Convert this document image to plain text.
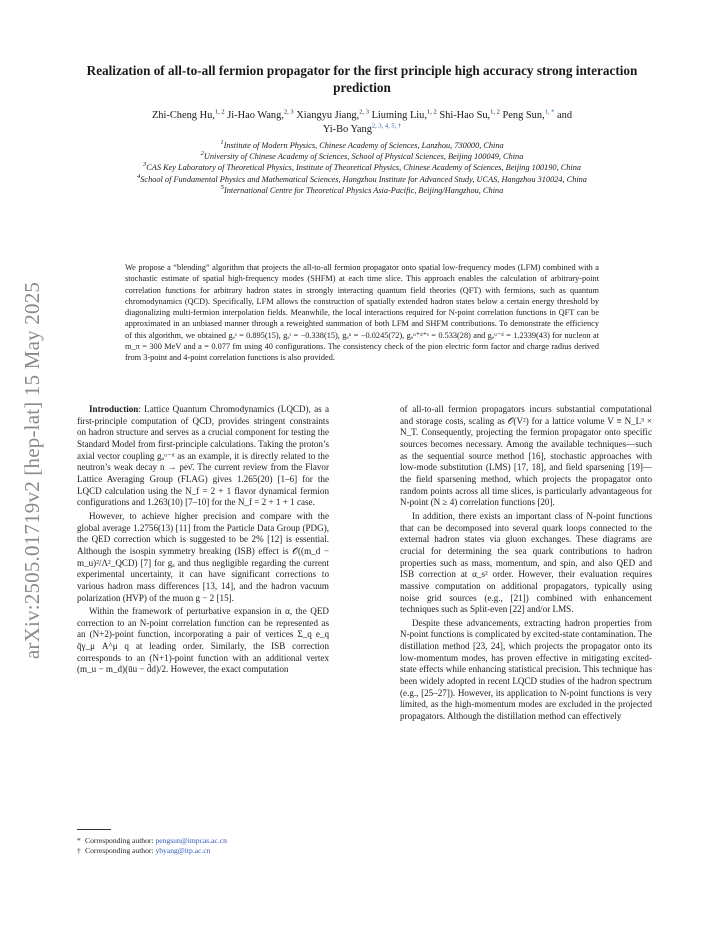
arXiv:2505.01719v2 [hep-lat] 15 May 2025
Realization of all-to-all fermion propagator for the first principle high accuracy strong interaction prediction
Zhi-Cheng Hu,$^{1, 2}$ Ji-Hao Wang,$^{2, 3}$ Xiangyu Jiang,$^{2, 3}$ Liuming Liu,$^{1, 2}$ Shi-Hao Su,$^{1, 2}$ Peng Sun,$^{1, *}$ and Yi-Bo Yang$^{2, 3, 4, 5, \dagger}$
$^1$Institute of Modern Physics, Chinese Academy of Sciences, Lanzhou, 730000, China
$^2$University of Chinese Academy of Sciences, School of Physical Sciences, Beijing 100049, China
$^3$CAS Key Laboratory of Theoretical Physics, Institute of Theoretical Physics, Chinese Academy of Sciences, Beijing 100190, China
$^4$School of Fundamental Physics and Mathematical Sciences, Hangzhou Institute for Advanced Study, UCAS, Hangzhou 310024, China
$^5$International Centre for Theoretical Physics Asia-Pacific, Beijing/Hangzhou, China
We propose a “blending” algorithm that projects the all-to-all fermion propagator onto spatial low-frequency modes (LFM) combined with a stochastic estimate of spatial high-frequency modes (SHFM) at each time slice. This approach enables the calculation of arbitrary-point correlation functions for arbitrary hadron states in strongly interacting quantum field theories (QFT) with fermions, such as quantum chromodynamics (QCD). Specifically, LFM allows the construction of spatially extended hadron states below a certain energy threshold by diagonalizing multi-fermion interpolation fields. Meanwhile, the local interactions required for N-point correlation functions in QFT can be approximated in an unbiased manner through a reweighted summation of both LFM and SHFM contributions. To demonstrate the efficiency of this algorithm, we obtained gₐˢ = 0.895(15), gₐᵗ = −0.338(15), gₐᵘ = −0.0245(72), gₐᵘ⁺ᵈ⁺ˢ = 0.533(28) and gₐᵘ⁻ᵈ = 1.2339(43) for nucleon at m_π = 300 MeV and a = 0.077 fm using 40 configurations. The consistency check of the pion electric form factor and charge radius derived from 3-point and 4-point correlation functions is also provided.

Introduction: Lattice Quantum Chromodynamics (LQCD), as a first-principle computation of QCD, provides stringent constraints on hadron structure and serves as a crucial component for testing the Standard Model from first-principle calculations. Taking the proton’s axial vector coupling gₐᵘ⁻ᵈ as an example, it is directly related to the neutron’s weak decay n → peν̄. The current review from the Flavor Lattice Averaging Group (FLAG) gives 1.265(20) [1–6] for the LQCD calculation using the N_f = 2 + 1 flavor dynamical fermion configurations and 1.263(10) [7–10] for the N_f = 2 + 1 + 1 case.

However, to achieve higher precision and compare with the global average 1.2756(13) [11] from the Particle Data Group (PDG), the QED correction which is suggested to be 2% [12] is essential. Although the isospin symmetry breaking (ISB) effect is 𝒪((m_d − m_u)²/Λ²_QCD) [7] for gₐ and thus negligible regarding the current experimental uncertainty, it can have significant corrections to various hadron mass differences [13, 14], and the hadron vacuum polarization (HVP) of the muon g − 2 [15].

Within the framework of perturbative expansion in α, the QED correction to an N-point correlation function can be represented as an (N+2)-point function, incorporating a pair of vertices Σ_q e_q q̄γ_μ A^μ q at leading order. Similarly, the ISB correction corresponds to an (N+1)-point function with an additional vertex (m_u − m_d)(ūu − d̄d)/2. However, the exact computation

of all-to-all fermion propagators incurs substantial computational and storage costs, scaling as 𝒪(V²) for a lattice volume V ≡ N_L³ × N_T. Consequently, projecting the fermion propagator onto specific sources becomes necessary. Among the available techniques—such as the sequential source method [16], stochastic approaches with low-mode substitution (LMS) [17, 18], and field sparsening [19]—the field sparsening method, which projects the propagator onto random points across all time slices, is particularly advantageous for N-point (N ≥ 4) correlation functions [20].

In addition, there exists an important class of N-point functions that can be decomposed into several quark loops connected to the external hadron states via gluon exchanges. These diagrams are crucial for determining the sea quark contributions to hadron properties such as mass, momentum, and spin, and also QED and ISB correction at α_s² order. However, their evaluation requires massive computation on additional propagators, typically using noise grid sources (e.g., [21]) combined with enhancement techniques such as Split-even [22] and/or LMS.

Despite these advancements, extracting hadron properties from N-point functions is complicated by excited-state contamination. The distillation method [23, 24], which projects the propagator onto its low-momentum modes, has proven effective in mitigating excited-state effects while enhancing statistical precision. This technique has been widely adopted in recent LQCD studies of the hadron spectrum (e.g., [25–27]). However, its application to N-point functions is very limited, as the high-momentum modes are excluded in the projected propagators. Although the distillation method can effectively

* Corresponding author: pengsun@impcas.ac.cn
† Corresponding author: ybyang@itp.ac.cn
